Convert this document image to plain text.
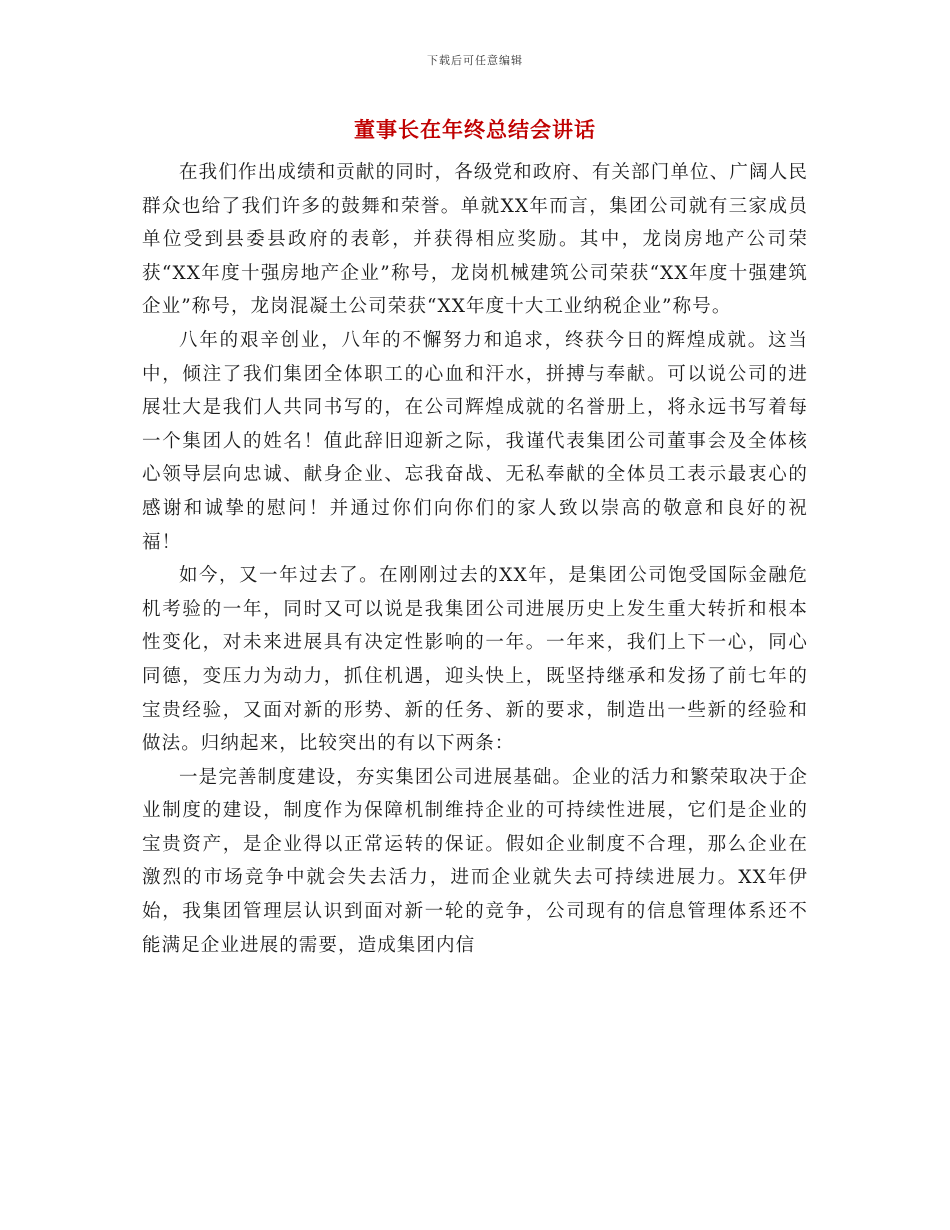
下载后可任意编辑
董事长在年终总结会讲话

在我们作出成绩和贡献的同时，各级党和政府、有关部门单位、广阔人民群众也给了我们许多的鼓舞和荣誉。单就XX年而言，集团公司就有三家成员单位受到县委县政府的表彰，并获得相应奖励。其中，龙岗房地产公司荣获“XX年度十强房地产企业”称号，龙岗机械建筑公司荣获“XX年度十强建筑企业”称号，龙岗混凝土公司荣获“XX年度十大工业纳税企业”称号。

八年的艰辛创业，八年的不懈努力和追求，终获今日的辉煌成就。这当中，倾注了我们集团全体职工的心血和汗水，拼搏与奉献。可以说公司的进展壮大是我们人共同书写的，在公司辉煌成就的名誉册上，将永远书写着每一个集团人的姓名！值此辞旧迎新之际，我谨代表集团公司董事会及全体核心领导层向忠诚、献身企业、忘我奋战、无私奉献的全体员工表示最衷心的感谢和诚挚的慰问！并通过你们向你们的家人致以崇高的敬意和良好的祝福！

如今，又一年过去了。在刚刚过去的XX年，是集团公司饱受国际金融危机考验的一年，同时又可以说是我集团公司进展历史上发生重大转折和根本性变化，对未来进展具有决定性影响的一年。一年来，我们上下一心，同心同德，变压力为动力，抓住机遇，迎头快上，既坚持继承和发扬了前七年的宝贵经验，又面对新的形势、新的任务、新的要求，制造出一些新的经验和做法。归纳起来，比较突出的有以下两条：

一是完善制度建设，夯实集团公司进展基础。企业的活力和繁荣取决于企业制度的建设，制度作为保障机制维持企业的可持续性进展，它们是企业的宝贵资产，是企业得以正常运转的保证。假如企业制度不合理，那么企业在激烈的市场竞争中就会失去活力，进而企业就失去可持续进展力。XX年伊始，我集团管理层认识到面对新一轮的竞争，公司现有的信息管理体系还不能满足企业进展的需要，造成集团内信
